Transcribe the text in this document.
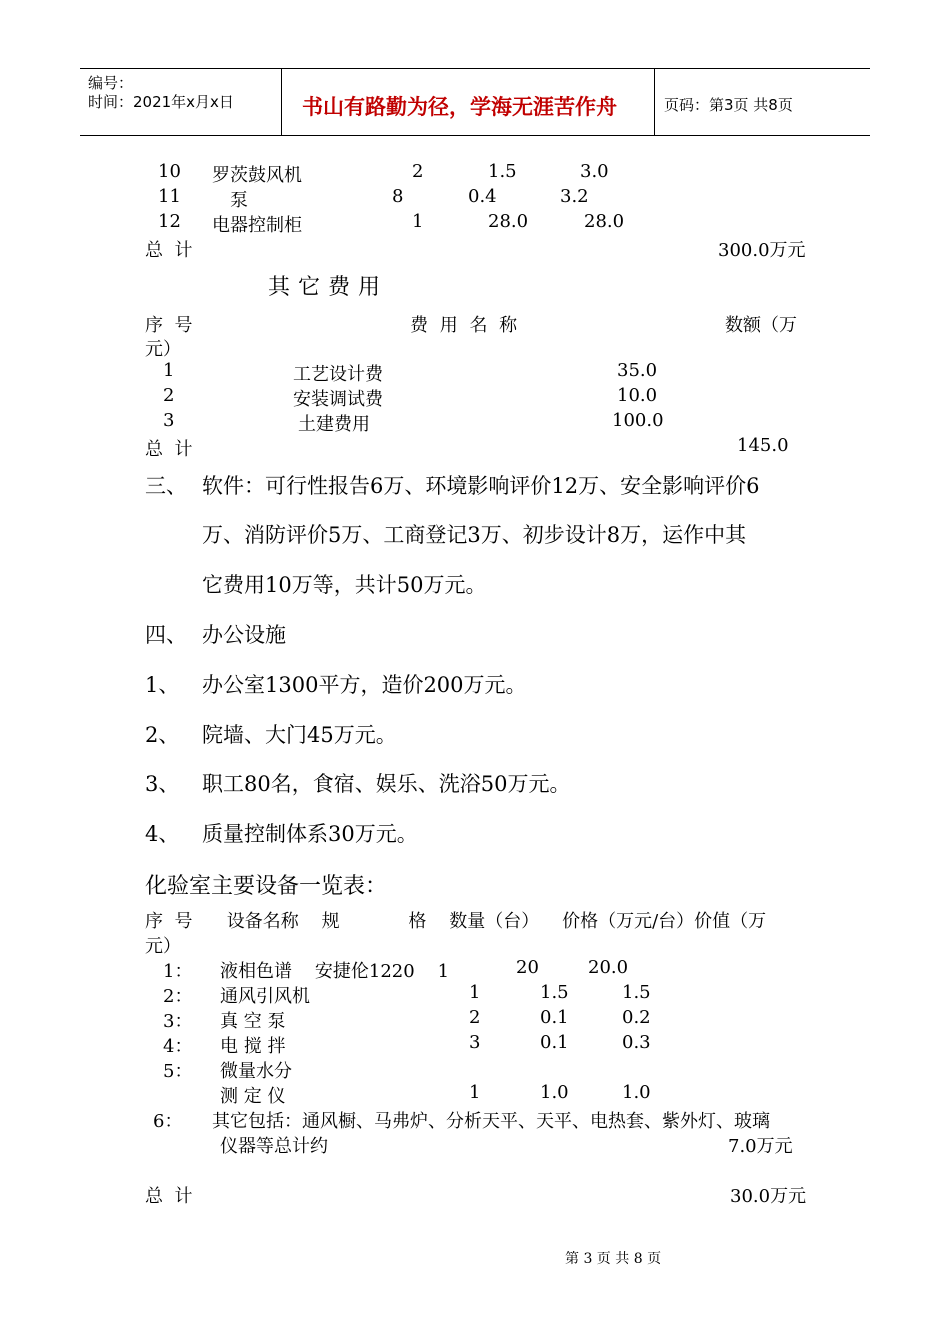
编号：
时间：2021年x月x日	书山有路勤为径，学海无涯苦作舟	页码：第3页 共8页
10 罗茨鼓风机	2	1.5	3.0
11	泵	8	0.4	3.2
12 电器控制柜	1	28.0	28.0
总  计	300.0万元
其它费用
序  号	费 用 名 称	数额（万
元）
1	工艺设计费	35.0
2	安装调试费	10.0
3	土建费用	100.0
总  计	145.0
三、 软件：可行性报告6万、环境影响评价12万、安全影响评价6
万、消防评价5万、工商登记3万、初步设计8万，运作中其
它费用10万等，共计50万元。
四、 办公设施
1、 办公室1300平方，造价200万元。
2、 院墙、大门45万元。
3、 职工80名，食宿、娱乐、洗浴50万元。
4、 质量控制体系30万元。
化验室主要设备一览表：
序  号      设备名称    规            格    数量（台）    价格（万元/台）价值（万
元）
1： 液相色谱    安捷伦1220    1	20	20.0
2： 通风引风机	1	1.5	1.5
3： 真 空 泵	2	0.1	0.2
4： 电 搅 拌	3	0.1	0.3
5： 微量水分
测 定 仪	1	1.0	1.0
6： 其它包括：通风橱、马弗炉、分析天平、天平、电热套、紫外灯、玻璃
仪器等总计约	7.0万元
总  计	30.0万元
第 3 页 共 8 页
